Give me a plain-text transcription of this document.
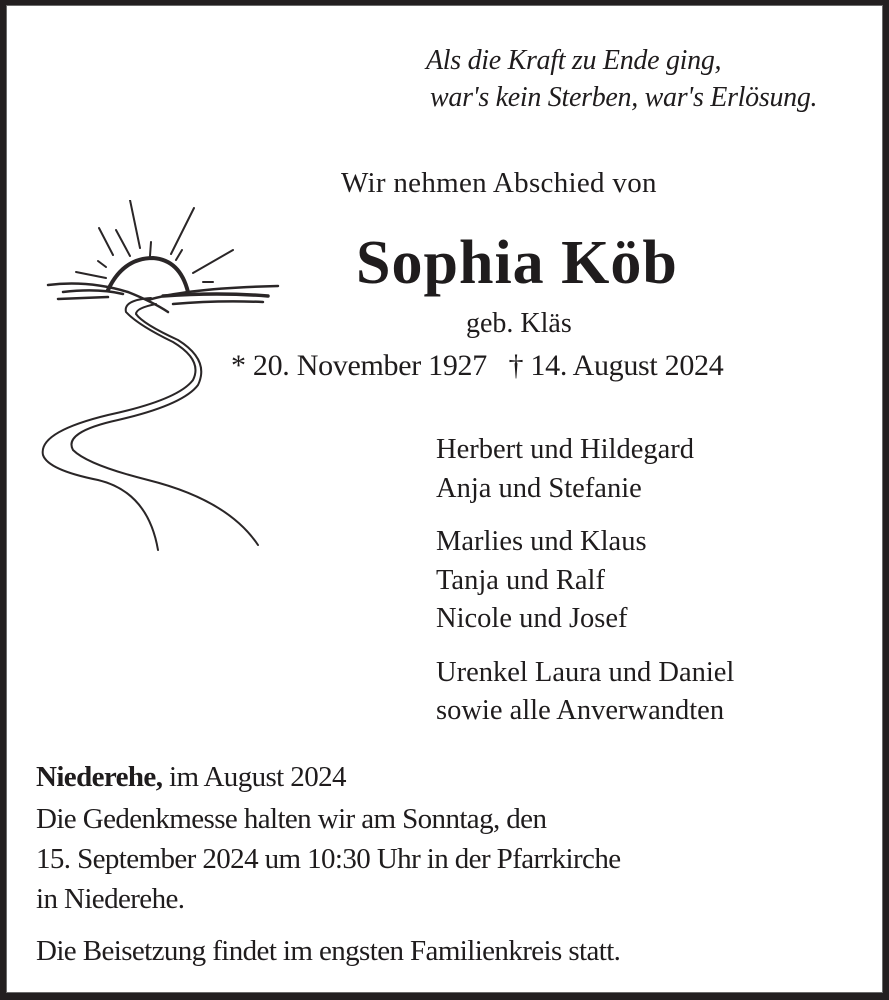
Als die Kraft zu Ende ging,
war's kein Sterben, war's Erlösung.
Wir nehmen Abschied von
Sophia Köb
geb. Kläs
* 20. November 1927 † 14. August 2024
Herbert und Hildegard
Anja und Stefanie
Marlies und Klaus
Tanja und Ralf
Nicole und Josef
Urenkel Laura und Daniel
sowie alle Anverwandten
Niederehe, im August 2024
Die Gedenkmesse halten wir am Sonntag, den
15. September 2024 um 10:30 Uhr in der Pfarrkirche
in Niederehe.
Die Beisetzung findet im engsten Familienkreis statt.
